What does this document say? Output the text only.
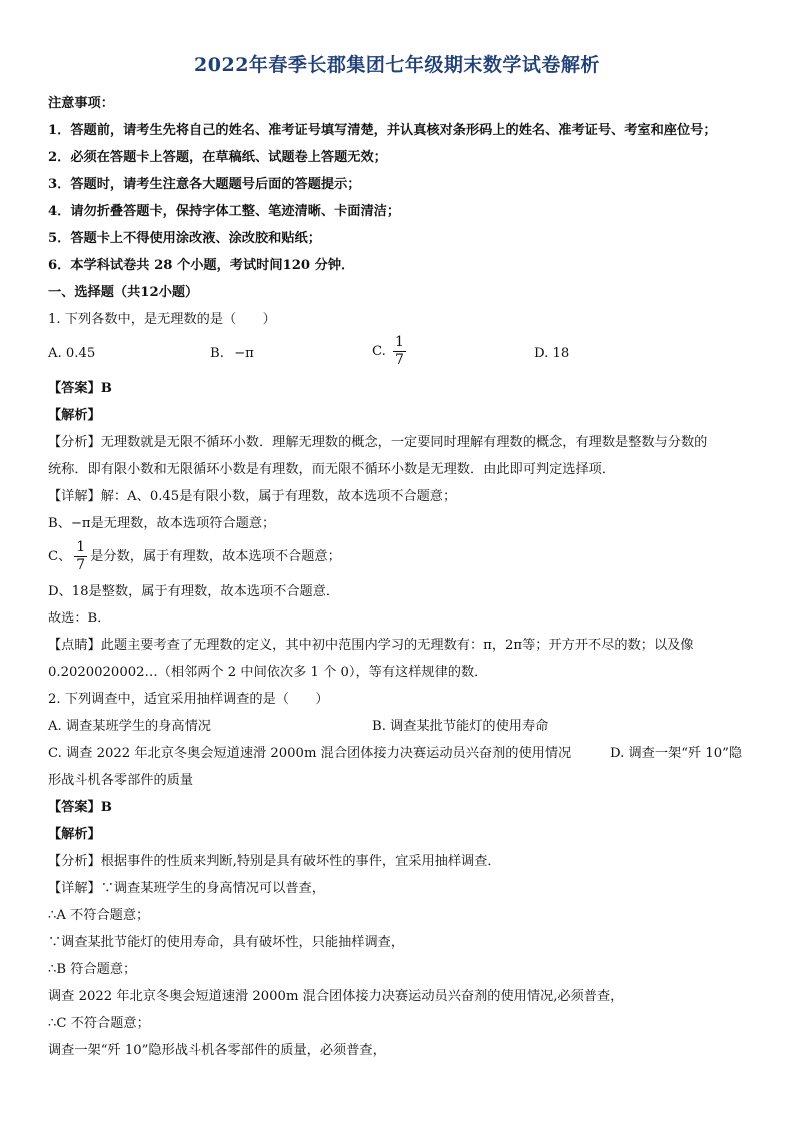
2022年春季长郡集团七年级期末数学试卷解析
注意事项：
1．答题前，请考生先将自己的姓名、准考证号填写清楚，并认真核对条形码上的姓名、准考证号、考室和座位号；
2．必须在答题卡上答题，在草稿纸、试题卷上答题无效；
3．答题时，请考生注意各大题题号后面的答题提示；
4．请勿折叠答题卡，保持字体工整、笔迹清晰、卡面清洁；
5．答题卡上不得使用涂改液、涂改胶和贴纸；
6．本学科试卷共 28 个小题，考试时间120 分钟．
一、选择题（共12小题）
1. 下列各数中，是无理数的是（　　）
A. 0.45	B. −π	C. $\frac{1}{7}$	D. 18
【答案】B
【解析】
【分析】无理数就是无限不循环小数．理解无理数的概念，一定要同时理解有理数的概念，有理数是整数与分数的
统称．即有限小数和无限循环小数是有理数，而无限不循环小数是无理数．由此即可判定选择项．
【详解】解：A、0.45是有限小数，属于有理数，故本选项不合题意；
B、−π是无理数，故本选项符合题意；
C、 $\frac{1}{7}$ 是分数，属于有理数，故本选项不合题意；
D、18是整数，属于有理数，故本选项不合题意．
故选：B．
【点睛】此题主要考查了无理数的定义，其中初中范围内学习的无理数有：π，2π等；开方开不尽的数；以及像
0.2020020002…（相邻两个 2 中间依次多 1 个 0），等有这样规律的数．
2. 下列调查中，适宜采用抽样调查的是（　　）
A. 调查某班学生的身高情况	B. 调查某批节能灯的使用寿命
C. 调查 2022 年北京冬奥会短道速滑 2000m 混合团体接力决赛运动员兴奋剂的使用情况	D. 调查一架“歼 10”隐
形战斗机各零部件的质量
【答案】B
【解析】
【分析】根据事件的性质来判断,特别是具有破坏性的事件，宜采用抽样调查．
【详解】∵调查某班学生的身高情况可以普查，
∴A 不符合题意；
∵调查某批节能灯的使用寿命，具有破坏性，只能抽样调查，
∴B 符合题意；
调查 2022 年北京冬奥会短道速滑 2000m 混合团体接力决赛运动员兴奋剂的使用情况,必须普查，
∴C 不符合题意；
调查一架“歼 10”隐形战斗机各零部件的质量，必须普查，
